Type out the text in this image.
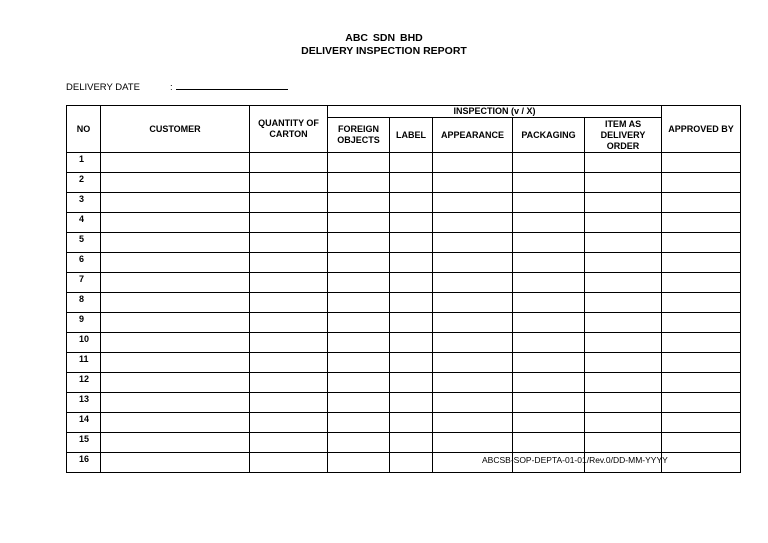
ABC SDN BHD
DELIVERY INSPECTION REPORT
DELIVERY DATE	:
NO	CUSTOMER	QUANTITY OF CARTON	INSPECTION (v / X)					APPROVED BY
			FOREIGN OBJECTS	LABEL	APPEARANCE	PACKAGING	ITEM AS DELIVERY ORDER	
1								
2								
3								
4								
5								
6								
7								
8								
9								
10								
11								
12								
13								
14								
15								
16									ABCSB-SOP-DEPTA-01-01/Rev.0/DD-MM-YYYY
